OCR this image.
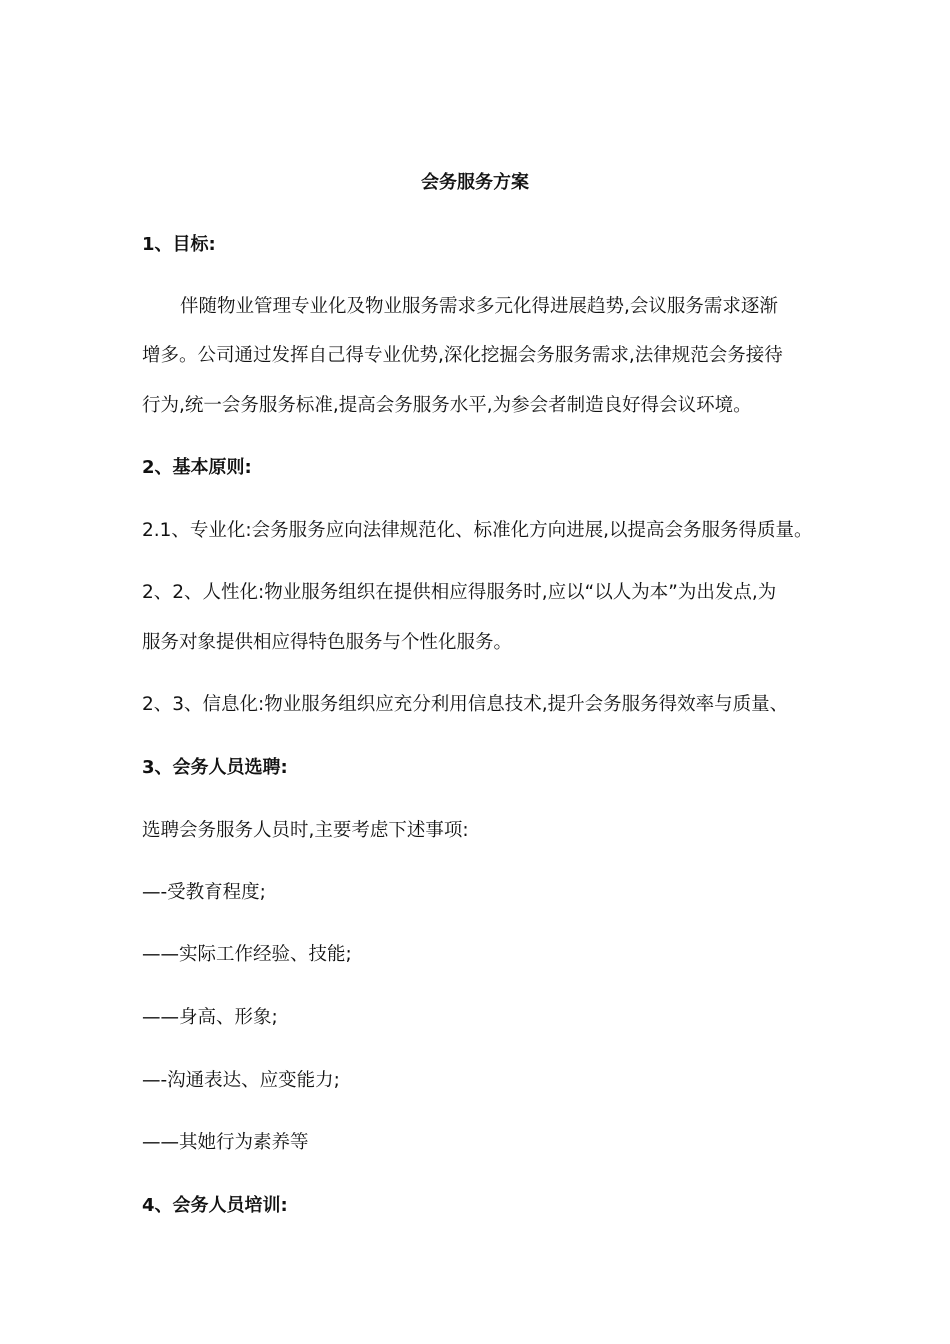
会务服务方案
1、目标:
伴随物业管理专业化及物业服务需求多元化得进展趋势,会议服务需求逐渐
增多。公司通过发挥自己得专业优势,深化挖掘会务服务需求,法律规范会务接待
行为,统一会务服务标准,提高会务服务水平,为参会者制造良好得会议环境。
2、基本原则:
2.1、专业化:会务服务应向法律规范化、标准化方向进展,以提高会务服务得质量。
2、2、人性化:物业服务组织在提供相应得服务时,应以“以人为本”为出发点,为
服务对象提供相应得特色服务与个性化服务。
2、3、信息化:物业服务组织应充分利用信息技术,提升会务服务得效率与质量、
3、会务人员选聘:
选聘会务服务人员时,主要考虑下述事项:
—-受教育程度;
——实际工作经验、技能;
——身高、形象;
—-沟通表达、应变能力;
——其她行为素养等
4、会务人员培训:
